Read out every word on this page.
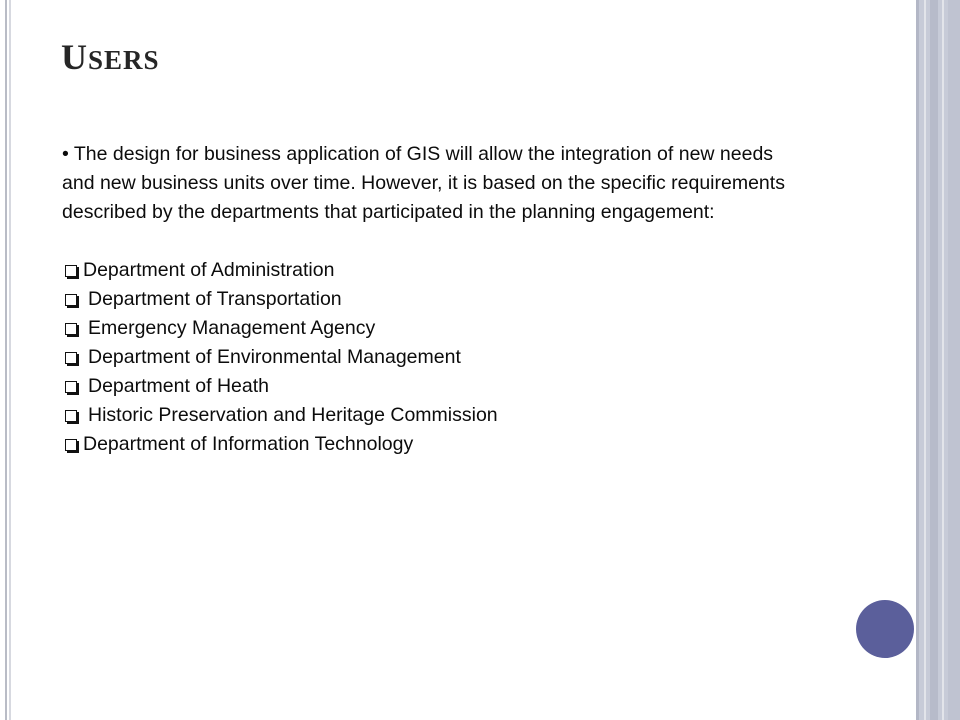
USERS

• The design for business application of GIS will allow the integration of new needs and new business units over time. However, it is based on the specific requirements described by the departments that participated in the planning engagement:

Department of Administration
Department of Transportation
Emergency Management Agency
Department of Environmental Management
Department of Heath
Historic Preservation and Heritage Commission
Department of Information Technology
